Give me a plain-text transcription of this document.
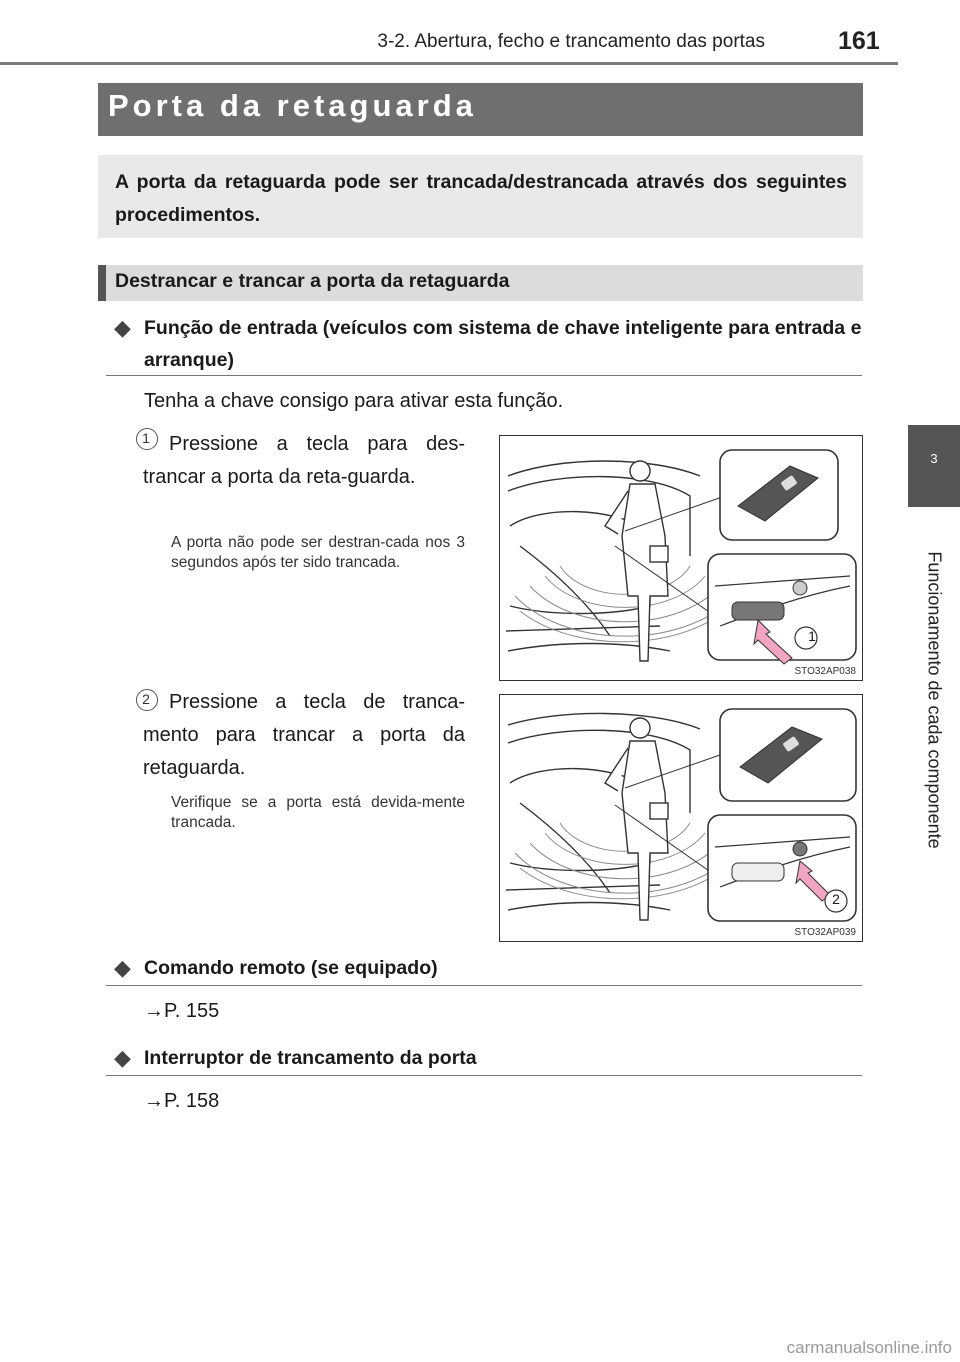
3-2. Abertura, fecho e trancamento das portas	161
3
Funcionamento de cada componente
Porta da retaguarda
A porta da retaguarda pode ser trancada/destrancada através dos seguintes procedimentos.
Destrancar e trancar a porta da retaguarda
◆ Função de entrada (veículos com sistema de chave inteligente para entrada e arranque)
Tenha a chave consigo para ativar esta função.
1 Pressione a tecla para des-trancar a porta da reta-guarda.
A porta não pode ser destran-cada nos 3 segundos após ter sido trancada.
1
STO32AP038
2 Pressione a tecla de tranca-mento para trancar a porta da retaguarda.
Verifique se a porta está devida-mente trancada.
2
STO32AP039
◆ Comando remoto (se equipado)
→P. 155
◆ Interruptor de trancamento da porta
→P. 158
carmanualsonline.info
